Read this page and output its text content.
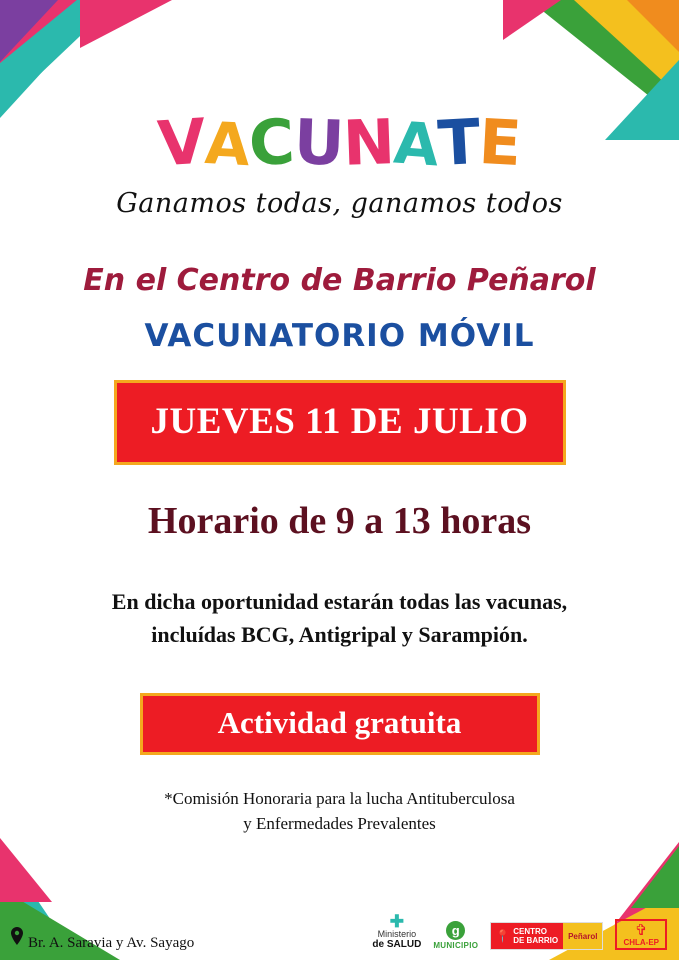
VACUNATE
Ganamos todas, ganamos todos
En el Centro de Barrio Peñarol
VACUNATORIO MÓVIL
JUEVES 11 DE JULIO
Horario de 9 a 13 horas
En dicha oportunidad estarán todas las vacunas,
incluídas BCG, Antigripal y Sarampión.
Actividad gratuita
*Comisión Honoraria para la lucha Antituberculosa
y Enfermedades Prevalentes
Br. A. Saravia y Av. Sayago
✚
Ministerio
de SALUD
g
MUNICIPIO
📍 CENTRO
DE BARRIO Peñarol ✞
CHLA-EP
